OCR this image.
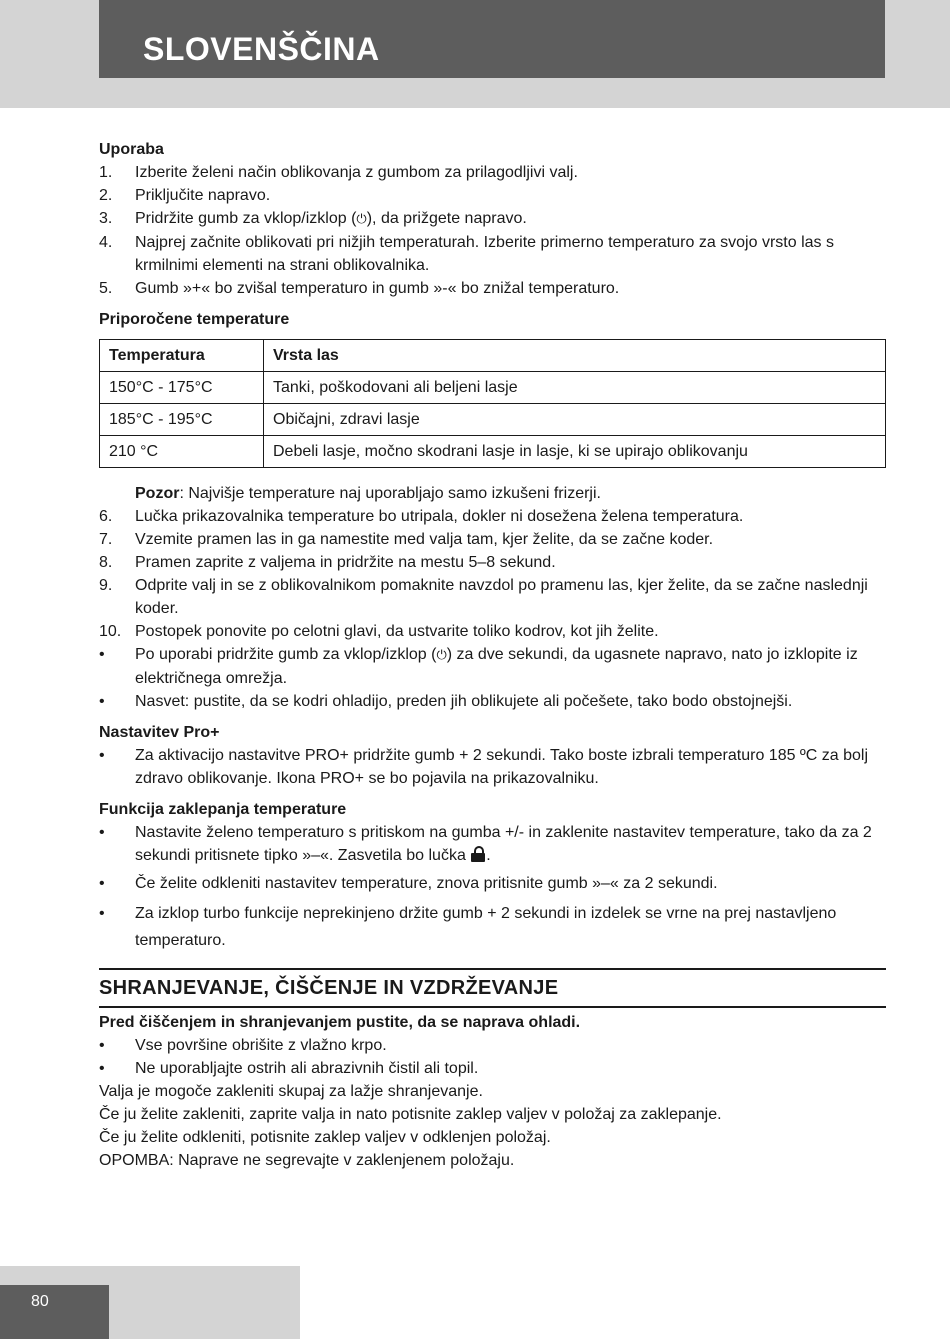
SLOVENŠČINA

Uporaba

1.	Izberite želeni način oblikovanja z gumbom za prilagodljivi valj.
2.	Priključite napravo.
3.	Pridržite gumb za vklop/izklop (⏻), da prižgete napravo.
4.	Najprej začnite oblikovati pri nižjih temperaturah. Izberite primerno temperaturo za svojo vrsto las s krmilnimi elementi na strani oblikovalnika.
5.	Gumb »+« bo zvišal temperaturo in gumb »-« bo znižal temperaturo.

Priporočene temperature

Temperatura	Vrsta las
150°C - 175°C	Tanki, poškodovani ali beljeni lasje
185°C - 195°C	Običajni, zdravi lasje
210 °C	Debeli lasje, močno skodrani lasje in lasje, ki se upirajo oblikovanju
Pozor: Najvišje temperature naj uporabljajo samo izkušeni frizerji.
6.	Lučka prikazovalnika temperature bo utripala, dokler ni dosežena želena temperatura.
7.	Vzemite pramen las in ga namestite med valja tam, kjer želite, da se začne koder.
8.	Pramen zaprite z valjema in pridržite na mestu 5–8 sekund.
9.	Odprite valj in se z oblikovalnikom pomaknite navzdol po pramenu las, kjer želite, da se začne naslednji koder.
10. Postopek ponovite po celotni glavi, da ustvarite toliko kodrov, kot jih želite.
•	Po uporabi pridržite gumb za vklop/izklop (⏻) za dve sekundi, da ugasnete napravo, nato jo izklopite iz električnega omrežja.
•	Nasvet: pustite, da se kodri ohladijo, preden jih oblikujete ali počešete, tako bodo obstojnejši.

Nastavitev Pro+

•	Za aktivacijo nastavitve PRO+ pridržite gumb + 2 sekundi. Tako boste izbrali temperaturo 185 ºC za bolj zdravo oblikovanje. Ikona PRO+ se bo pojavila na prikazovalniku.

Funkcija zaklepanja temperature

•	Nastavite želeno temperaturo s pritiskom na gumba +/- in zaklenite nastavitev temperature, tako da za 2 sekundi pritisnete tipko »–«. Zasvetila bo lučka
.
•	Če želite odkleniti nastavitev temperature, znova pritisnite gumb »–« za 2 sekundi.
•	Za izklop turbo funkcije neprekinjeno držite gumb + 2 sekundi in izdelek se vrne na prej nastavljeno temperaturo.
SHRANJEVANJE, ČIŠČENJE IN VZDRŽEVANJE

Pred čiščenjem in shranjevanjem pustite, da se naprava ohladi.

•	Vse površine obrišite z vlažno krpo.
•	Ne uporabljajte ostrih ali abrazivnih čistil ali topil.
Valja je mogoče zakleniti skupaj za lažje shranjevanje.
Če ju želite zakleniti, zaprite valja in nato potisnite zaklep valjev v položaj za zaklepanje.
Če ju želite odkleniti, potisnite zaklep valjev v odklenjen položaj.
OPOMBA: Naprave ne segrevajte v zaklenjenem položaju.
80
